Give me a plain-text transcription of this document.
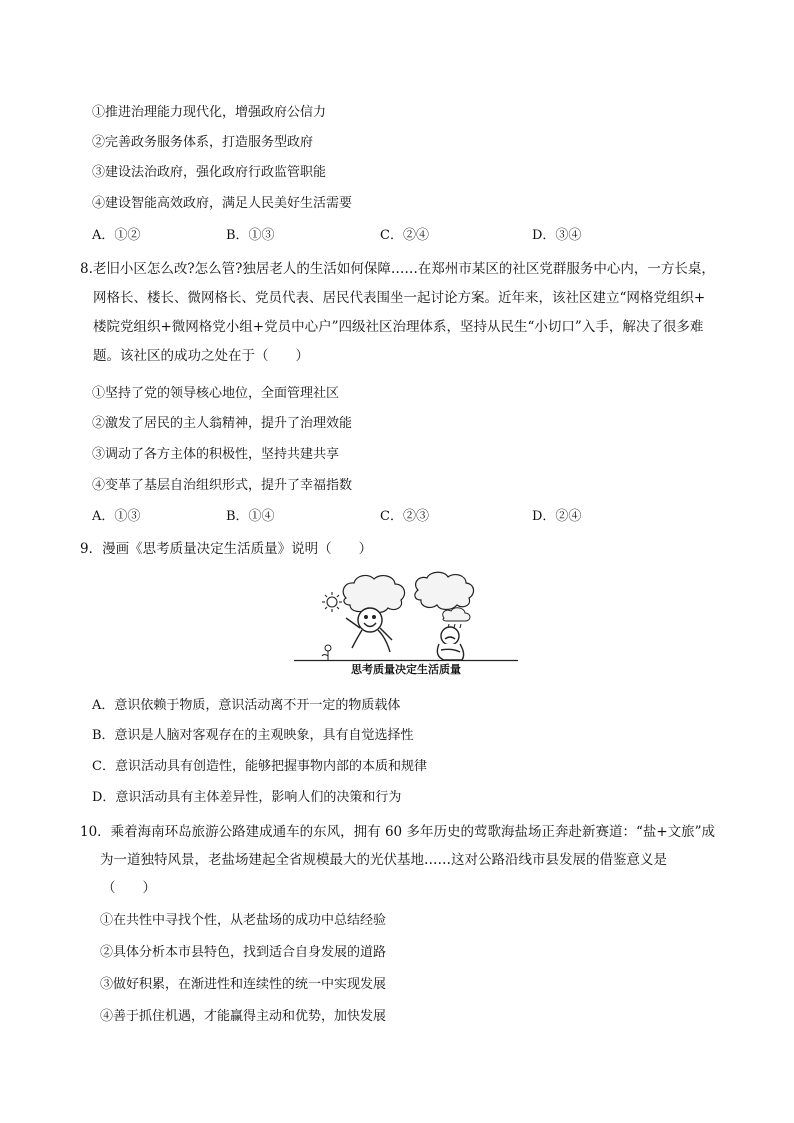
①推进治理能力现代化，增强政府公信力
②完善政务服务体系，打造服务型政府
③建设法治政府，强化政府行政监管职能
④建设智能高效政府，满足人民美好生活需要
A．①②	B．①③	C．②④	D．③④

8.老旧小区怎么改?怎么管?独居老人的生活如何保障……在郑州市某区的社区党群服务中心内，一方长桌，

网格长、楼长、微网格长、党员代表、居民代表围坐一起讨论方案。近年来，该社区建立“网格党组织+

楼院党组织+微网格党小组+党员中心户”四级社区治理体系，坚持从民生“小切口”入手，解决了很多难

题。该社区的成功之处在于（　　）

①坚持了党的领导核心地位，全面管理社区
②激发了居民的主人翁精神，提升了治理效能
③调动了各方主体的积极性，坚持共建共享
④变革了基层自治组织形式，提升了幸福指数
A．①③	B．①④	C．②③	D．②④
9．漫画《思考质量决定生活质量》说明（　　）
思考质量决定生活质量
A．意识依赖于物质，意识活动离不开一定的物质载体
B．意识是人脑对客观存在的主观映象，具有自觉选择性
C．意识活动具有创造性，能够把握事物内部的本质和规律
D．意识活动具有主体差异性，影响人们的决策和行为

10．乘着海南环岛旅游公路建成通车的东风，拥有 60 多年历史的莺歌海盐场正奔赴新赛道：“盐+文旅”成

为一道独特风景，老盐场建起全省规模最大的光伏基地……这对公路沿线市县发展的借鉴意义是

（　　）

①在共性中寻找个性，从老盐场的成功中总结经验
②具体分析本市县特色，找到适合自身发展的道路
③做好积累，在渐进性和连续性的统一中实现发展
④善于抓住机遇，才能赢得主动和优势，加快发展
